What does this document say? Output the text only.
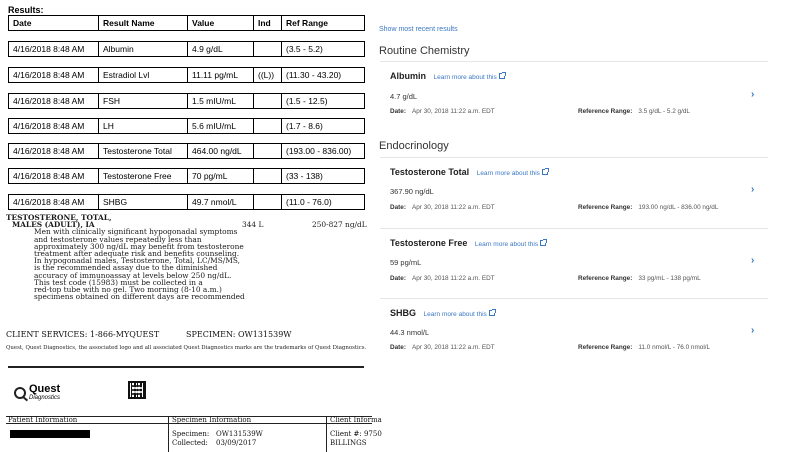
Results:
Date	Result Name	Value	Ind	Ref Range
4/16/2018 8:48 AM	Albumin	4.9 g/dL		(3.5 - 5.2)
4/16/2018 8:48 AM	Estradiol Lvl	11.11 pg/mL	((L))	(11.30 - 43.20)
4/16/2018 8:48 AM	FSH	1.5 mIU/mL		(1.5 - 12.5)
4/16/2018 8:48 AM	LH	5.6 mIU/mL		(1.7 - 8.6)
4/16/2018 8:48 AM	Testosterone Total	464.00 ng/dL		(193.00 - 836.00)
4/16/2018 8:48 AM	Testosterone Free	70 pg/mL		(33 - 138)
4/16/2018 8:48 AM	SHBG	49.7 nmol/L		(11.0 - 76.0)
TESTOSTERONE, TOTAL,
MALES (ADULT), IA	344 L	250-827 ng/dL
Men with clinically significant hypogonadal symptoms
and testosterone values repeatedly less than
approximately 300 ng/dL may benefit from testosterone
treatment after adequate risk and benefits counseling.
In hypogonadal males, Testosterone, Total, LC/MS/MS,
is the recommended assay due to the diminished
accuracy of immunoassay at levels below 250 ng/dL.
This test code (15983) must be collected in a
red-top tube with no gel. Two morning (8-10 a.m.)
specimens obtained on different days are recommended
CLIENT SERVICES: 1-866-MYQUEST	SPECIMEN: OW131539W
Quest, Quest Diagnostics, the associated logo and all associated Quest Diagnostics marks are the trademarks of Quest Diagnostics.
Quest
Diagnostics
Patient Information	Specimen Information	Client Informa
Specimen: OW131539W
Collected: 03/09/2017
Client #: 9750
BILLINGS
Show most recent results
Routine Chemistry
Albumin Learn more about this
4.7 g/dL	›
Date: Apr 30, 2018 11:22 a.m. EDT	Reference Range: 3.5 g/dL - 5.2 g/dL
Endocrinology
Testosterone Total Learn more about this
367.90 ng/dL	›
Date: Apr 30, 2018 11:22 a.m. EDT	Reference Range: 193.00 ng/dL - 836.00 ng/dL
Testosterone Free Learn more about this
59 pg/mL	›
Date: Apr 30, 2018 11:22 a.m. EDT	Reference Range: 33 pg/mL - 138 pg/mL
SHBG Learn more about this
44.3 nmol/L	›
Date: Apr 30, 2018 11:22 a.m. EDT	Reference Range: 11.0 nmol/L - 76.0 nmol/L
